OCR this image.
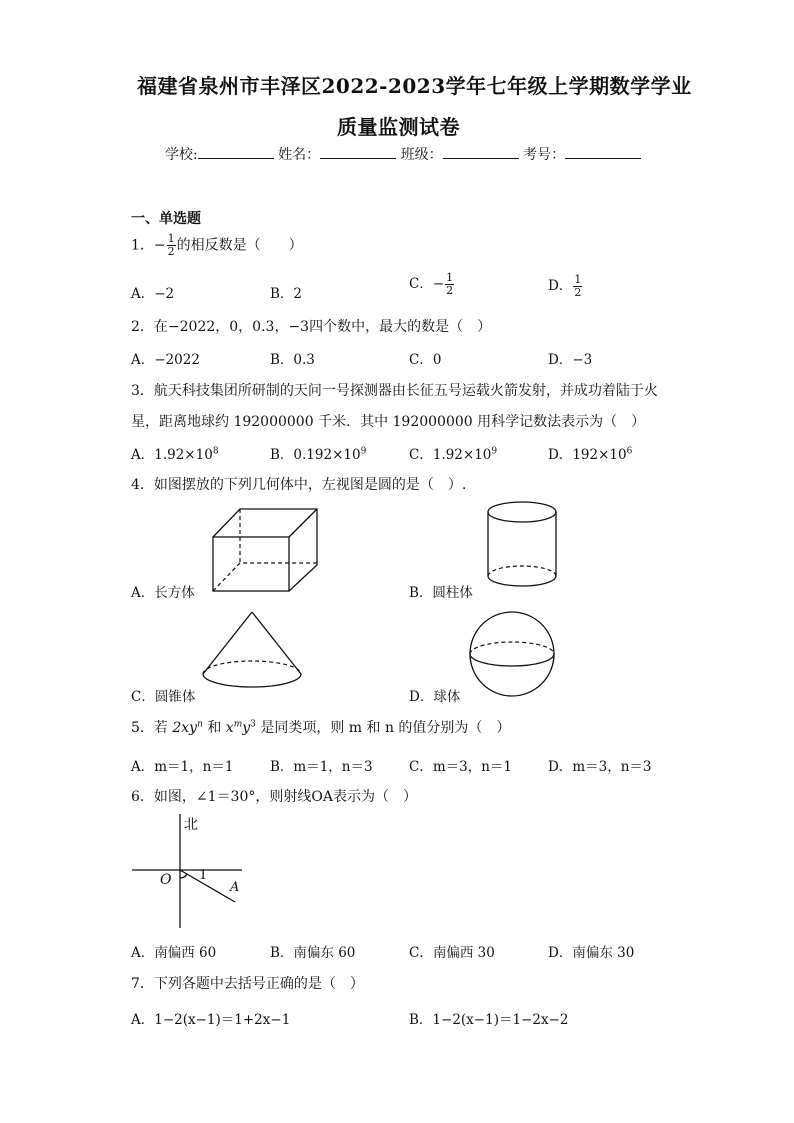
福建省泉州市丰泽区2022-2023学年七年级上学期数学学业
质量监测试卷
学校:	姓名：	班级：	考号：
一、单选题
1．− $\frac{1}{2}$ 的相反数是（　　）
A．−2	B．2
C．− $\frac{1}{2}$	D． $\frac{1}{2}$
2．在−2022，0，0.3，−3四个数中，最大的数是（　）
A．−2022	B．0.3	C．0	D．−3
3．航天科技集团所研制的天问一号探测器由长征五号运载火箭发射，并成功着陆于火
星，距离地球约 192000000 千米．其中 192000000 用科学记数法表示为（　）
A．$1.92\times 10^8$	B．$0.192\times 10^9$	C．$1.92\times 10^9$	D．$192\times 10^6$
4．如图摆放的下列几何体中，左视图是圆的是（　）.
A．长方体	B．圆柱体
C．圆锥体	D．球体
5．若 $2xy^n$ 和 $x^my^3$ 是同类项，则 m 和 n 的值分别为（　）
A．m＝1，n＝1	B．m＝1，n＝3	C．m＝3，n＝1	D．m＝3，n＝3
6．如图，∠1＝30°，则射线OA表示为（　）
北
O 1
A
A．南偏西 60	B．南偏东 60	C．南偏西 30	D．南偏东 30
7．下列各题中去括号正确的是（　）
A．1−2(x−1)＝1+2x−1	B．1−2(x−1)＝1−2x−2
